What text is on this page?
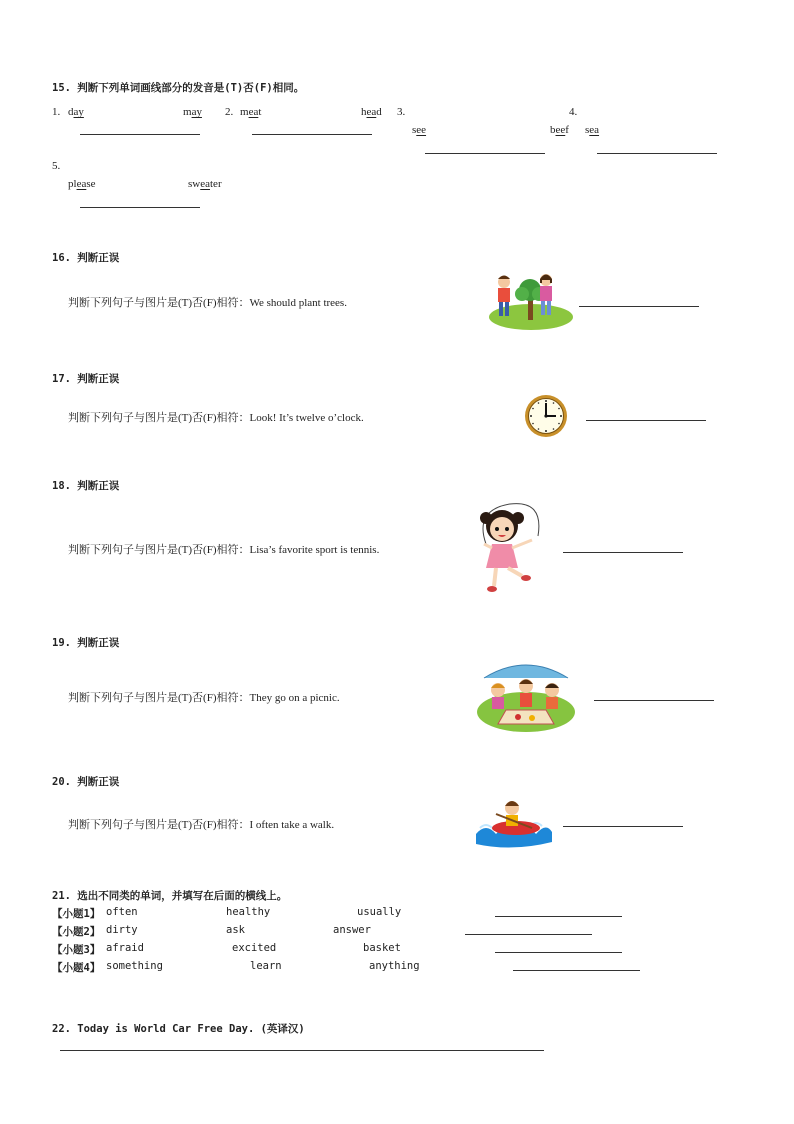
15. 判断下列单词画线部分的发音是(T)否(F)相同。
1. day	may 2. meat	head 3.
see	beef
4.
sea
5.
please	sweater
16. 判断正误
判断下列句子与图片是(T)否(F)相符：We should plant trees.
17. 判断正误
判断下列句子与图片是(T)否(F)相符：Look! It’s twelve o’clock.
18. 判断正误
判断下列句子与图片是(T)否(F)相符：Lisa’s favorite sport is tennis.
19. 判断正误
判断下列句子与图片是(T)否(F)相符：They go on a picnic.
20. 判断正误
判断下列句子与图片是(T)否(F)相符：I often take a walk.
21. 选出不同类的单词，并填写在后面的横线上。
【小题1】 often	healthy	usually
【小题2】 dirty	ask	answer
【小题3】 afraid	excited	basket
【小题4】 something	learn	anything
22. Today is World Car Free Day. (英译汉)
